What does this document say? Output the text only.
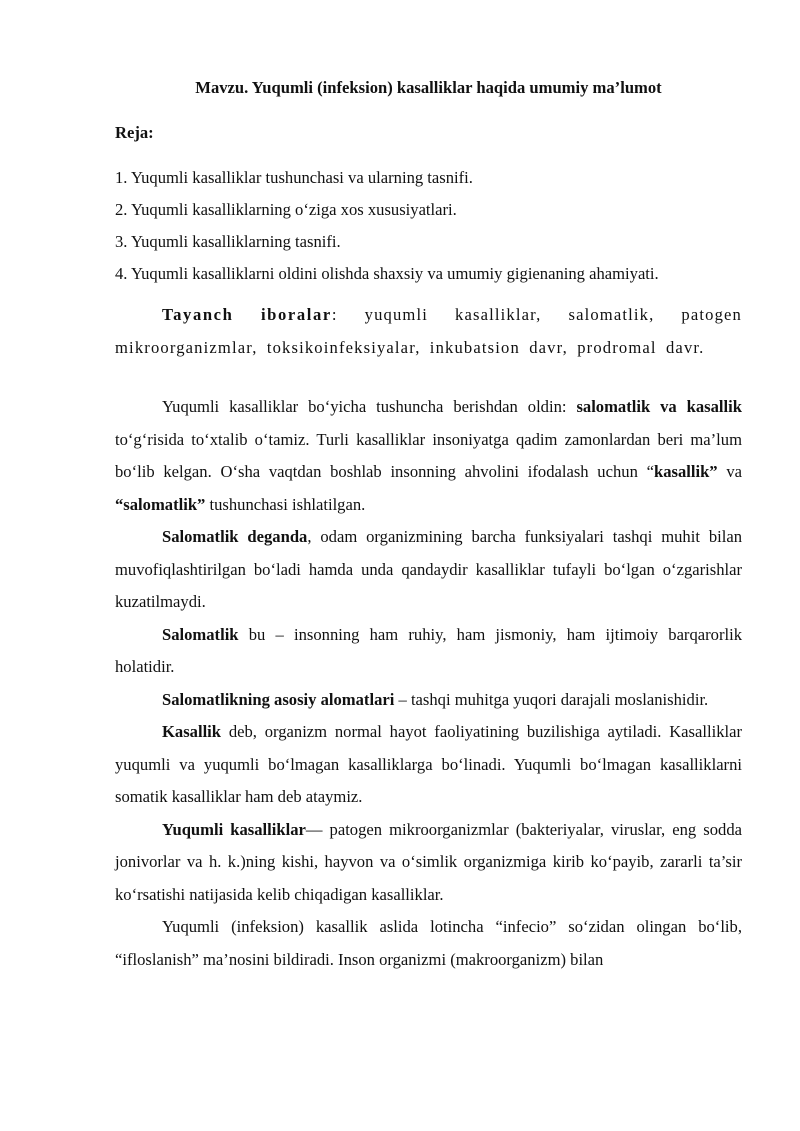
Mavzu. Yuqumli (infeksion) kasalliklar haqida umumiy ma’lumot
Reja:
1. Yuqumli kasalliklar tushunchasi va ularning tasnifi.
2. Yuqumli kasalliklarning o‘ziga xos xususiyatlari.
3. Yuqumli kasalliklarning tasnifi.
4. Yuqumli kasalliklarni oldini olishda shaxsiy va umumiy gigienaning ahamiyati.

Tayanch iboralar: yuqumli kasalliklar, salomatlik, patogen mikroorganizmlar, toksikoinfeksiyalar, inkubatsion davr, prodromal davr.

Yuqumli kasalliklar bo‘yicha tushuncha berishdan oldin: salomatlik va kasallik to‘g‘risida to‘xtalib o‘tamiz. Turli kasalliklar insoniyatga qadim zamonlardan beri ma’lum bo‘lib kelgan. O‘sha vaqtdan boshlab insonning ahvolini ifodalash uchun “kasallik” va “salomatlik” tushunchasi ishlatilgan.

Salomatlik deganda, odam organizmining barcha funksiyalari tashqi muhit bilan muvofiqlashtirilgan bo‘ladi hamda unda qandaydir kasalliklar tufayli bo‘lgan o‘zgarishlar kuzatilmaydi.

Salomatlik bu – insonning ham ruhiy, ham jismoniy, ham ijtimoiy barqarorlik holatidir.

Salomatlikning asosiy alomatlari – tashqi muhitga yuqori darajali moslanishidir.

Kasallik deb, organizm normal hayot faoliyatining buzilishiga aytiladi. Kasalliklar yuqumli va yuqumli bo‘lmagan kasalliklarga bo‘linadi. Yuqumli bo‘lmagan kasalliklarni somatik kasalliklar ham deb ataymiz.

Yuqumli kasalliklar— patogen mikroorganizmlar (bakteriyalar, viruslar, eng sodda jonivorlar va h. k.)ning kishi, hayvon va o‘simlik organizmiga kirib ko‘payib, zararli ta’sir ko‘rsatishi natijasida kelib chiqadigan kasalliklar.

Yuqumli (infeksion) kasallik aslida lotincha “infecio” so‘zidan olingan bo‘lib, “ifloslanish” ma’nosini bildiradi. Inson organizmi (makroorganizm) bilan
